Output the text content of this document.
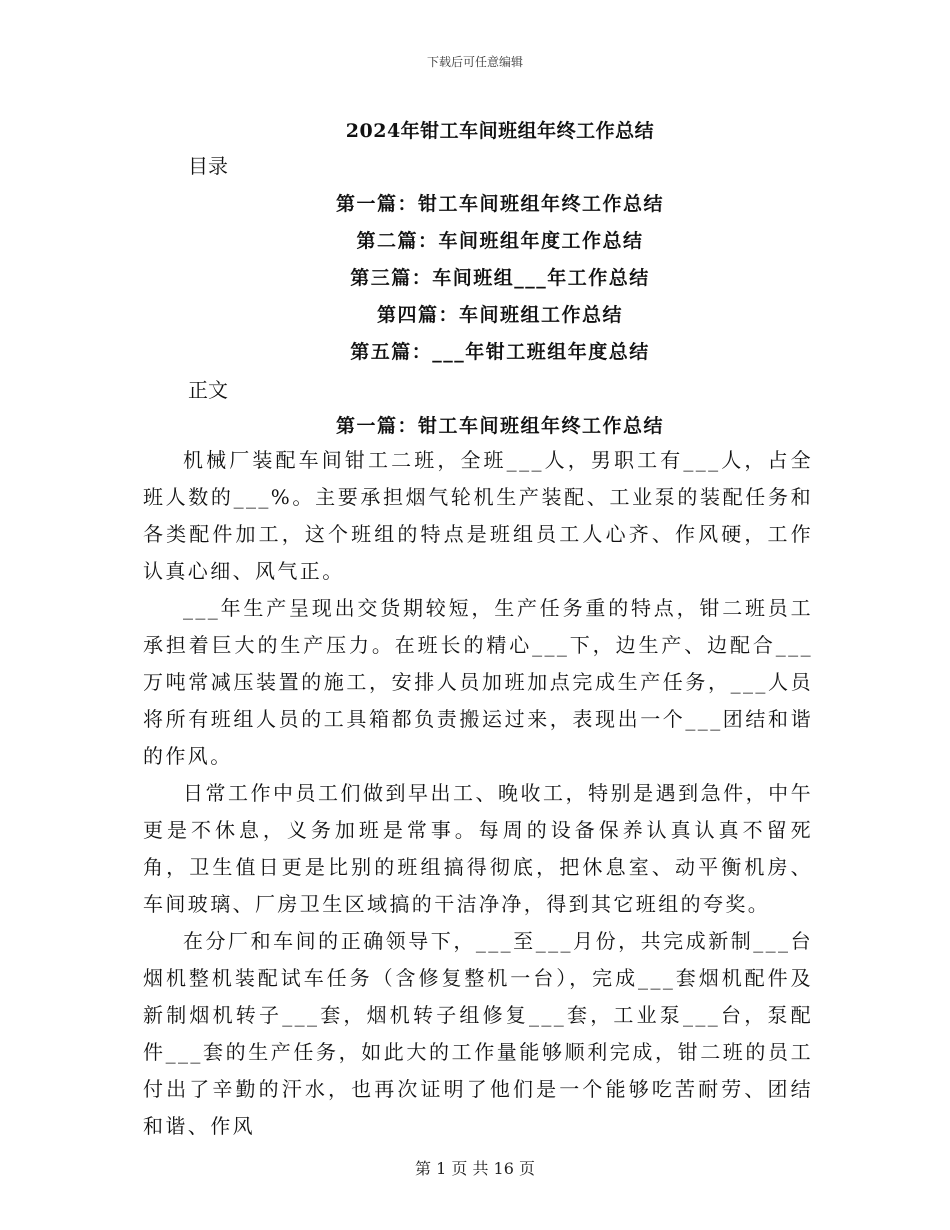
下载后可任意编辑
2024年钳工车间班组年终工作总结
目录
第一篇：钳工车间班组年终工作总结
第二篇：车间班组年度工作总结
第三篇：车间班组___年工作总结
第四篇：车间班组工作总结
第五篇：___年钳工班组年度总结
正文
第一篇：钳工车间班组年终工作总结

机械厂装配车间钳工二班，全班___人，男职工有___人，占全班人数的___%。主要承担烟气轮机生产装配、工业泵的装配任务和各类配件加工，这个班组的特点是班组员工人心齐、作风硬，工作认真心细、风气正。

___年生产呈现出交货期较短，生产任务重的特点，钳二班员工承担着巨大的生产压力。在班长的精心___下，边生产、边配合___万吨常减压装置的施工，安排人员加班加点完成生产任务，___人员将所有班组人员的工具箱都负责搬运过来，表现出一个___团结和谐的作风。

日常工作中员工们做到早出工、晚收工，特别是遇到急件，中午更是不休息，义务加班是常事。每周的设备保养认真认真不留死角，卫生值日更是比别的班组搞得彻底，把休息室、动平衡机房、车间玻璃、厂房卫生区域搞的干洁净净，得到其它班组的夸奖。

在分厂和车间的正确领导下，___至___月份，共完成新制___台烟机整机装配试车任务（含修复整机一台），完成___套烟机配件及新制烟机转子___套，烟机转子组修复___套，工业泵___台，泵配件___套的生产任务，如此大的工作量能够顺利完成，钳二班的员工付出了辛勤的汗水，也再次证明了他们是一个能够吃苦耐劳、团结和谐、作风

第 1 页 共 16 页
